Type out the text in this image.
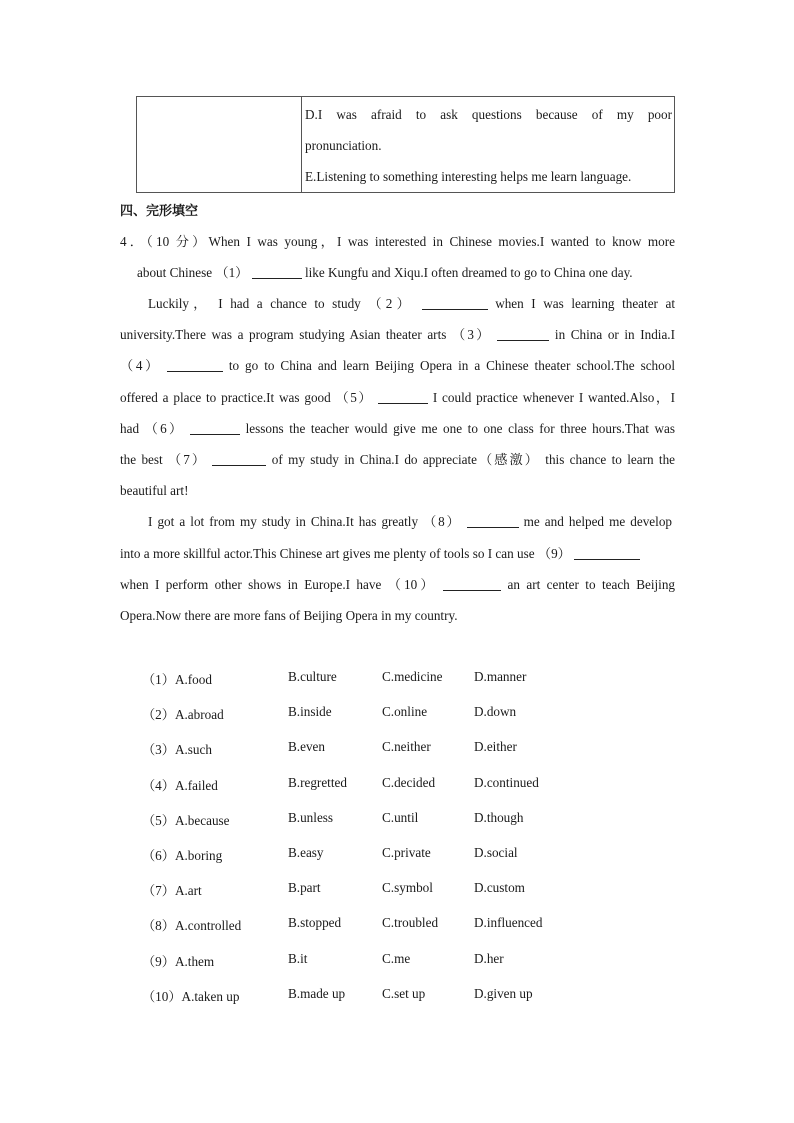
D.I was afraid to ask questions because of my poor
pronunciation.
E.Listening to something interesting helps me learn language.
四、完形填空
4．（10 分）When I was young，I was interested in Chinese movies.I wanted to know more
about Chinese （1）	like Kungfu and Xiqu.I often dreamed to go to China one day.
Luckily， I had a chance to study （2）	when I was learning theater at
university.There was a program studying Asian theater arts （3）	in China or in India.I
（4）	to go to China and learn Beijing Opera in a Chinese theater school.The school
offered a place to practice.It was good （5）	I could practice whenever I wanted.Also，I
had （6）	lessons the teacher would give me one to one class for three hours.That was
the best （7）	of my study in China.I do appreciate（感激） this chance to learn the
beautiful art!
I got a lot from my study in China.It has greatly （8）	me and helped me develop
into a more skillful actor.This Chinese art gives me plenty of tools so I can use （9）
when I perform other shows in Europe.I have （10）	an art center to teach Beijing
Opera.Now there are more fans of Beijing Opera in my country.
（1）A.food	B.culture	C.medicine D.manner
（2）A.abroad	B.inside	C.online	D.down
（3）A.such	B.even	C.neither	D.either
（4）A.failed	B.regretted	C.decided	D.continued
（5）A.because	B.unless	C.until	D.though
（6）A.boring	B.easy	C.private	D.social
（7）A.art	B.part	C.symbol	D.custom
（8）A.controlled	B.stopped	C.troubled	D.influenced
（9）A.them	B.it	C.me	D.her
（10）A.taken up	B.made up	C.set up	D.given up
